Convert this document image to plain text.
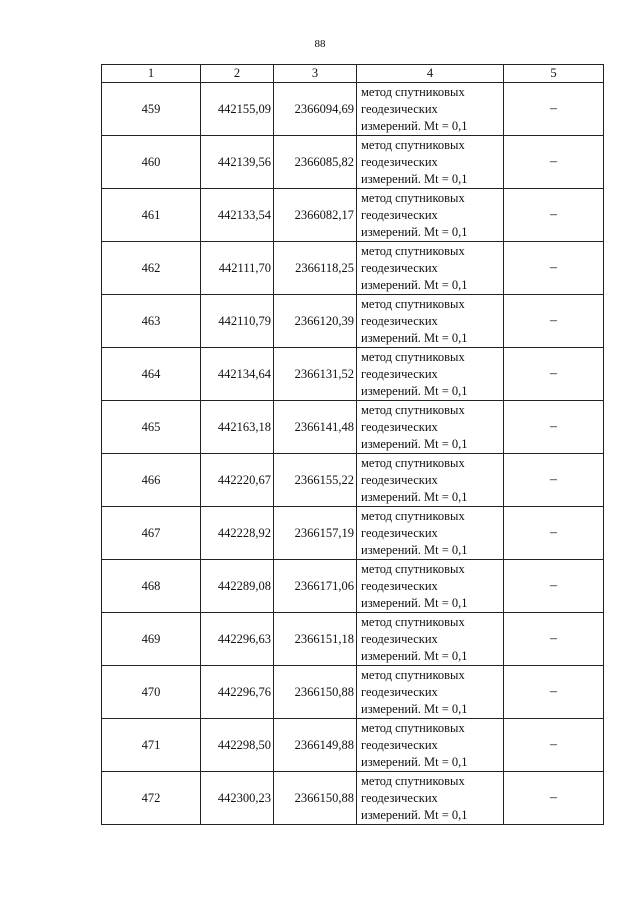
88
1	2	3	4	5
459	442155,09	2366094,69	метод спутниковых
геодезических
измерений. Mt = 0,1	–
460	442139,56	2366085,82	метод спутниковых
геодезических
измерений. Mt = 0,1	–
461	442133,54	2366082,17	метод спутниковых
геодезических
измерений. Mt = 0,1	–
462	442111,70	2366118,25	метод спутниковых
геодезических
измерений. Mt = 0,1	–
463	442110,79	2366120,39	метод спутниковых
геодезических
измерений. Mt = 0,1	–
464	442134,64	2366131,52	метод спутниковых
геодезических
измерений. Mt = 0,1	–
465	442163,18	2366141,48	метод спутниковых
геодезических
измерений. Mt = 0,1	–
466	442220,67	2366155,22	метод спутниковых
геодезических
измерений. Mt = 0,1	–
467	442228,92	2366157,19	метод спутниковых
геодезических
измерений. Mt = 0,1	–
468	442289,08	2366171,06	метод спутниковых
геодезических
измерений. Mt = 0,1	–
469	442296,63	2366151,18	метод спутниковых
геодезических
измерений. Mt = 0,1	–
470	442296,76	2366150,88	метод спутниковых
геодезических
измерений. Mt = 0,1	–
471	442298,50	2366149,88	метод спутниковых
геодезических
измерений. Mt = 0,1	–
472	442300,23	2366150,88	метод спутниковых
геодезических
измерений. Mt = 0,1	–
